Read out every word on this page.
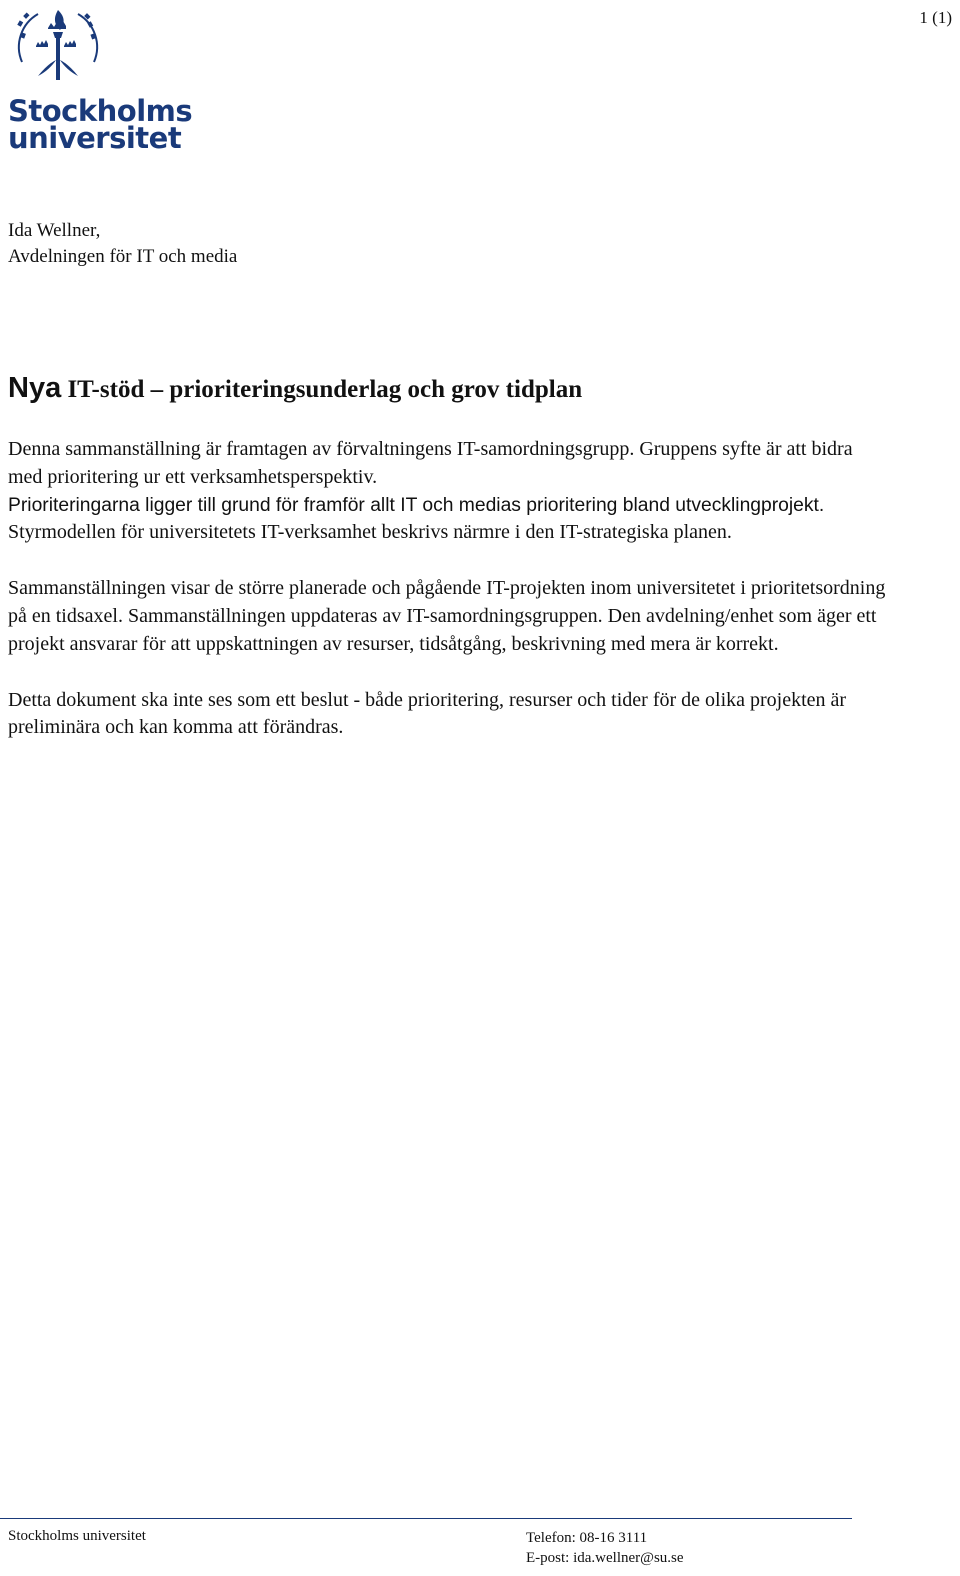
1 (1)
Stockholms
universitet
Ida Wellner,
Avdelningen för IT och media
Nya IT-stöd – prioriteringsunderlag och grov tidplan

Denna sammanställning är framtagen av förvaltningens IT-samordningsgrupp. Gruppens syfte är att bidra med prioritering ur ett verksamhetsperspektiv.
Prioriteringarna ligger till grund för framför allt IT och medias prioritering bland utvecklingprojekt. Styrmodellen för universitetets IT-verksamhet beskrivs närmre i den IT-strategiska planen.

Sammanställningen visar de större planerade och pågående IT-projekten inom universitetet i prioritetsordning på en tidsaxel. Sammanställningen uppdateras av IT-samordningsgruppen. Den avdelning/enhet som äger ett projekt ansvarar för att uppskattningen av resurser, tidsåtgång, beskrivning med mera är korrekt.

Detta dokument ska inte ses som ett beslut - både prioritering, resurser och tider för de olika projekten är preliminära och kan komma att förändras.

Stockholms universitet	Telefon: 08-16 3111
E-post: ida.wellner@su.se
